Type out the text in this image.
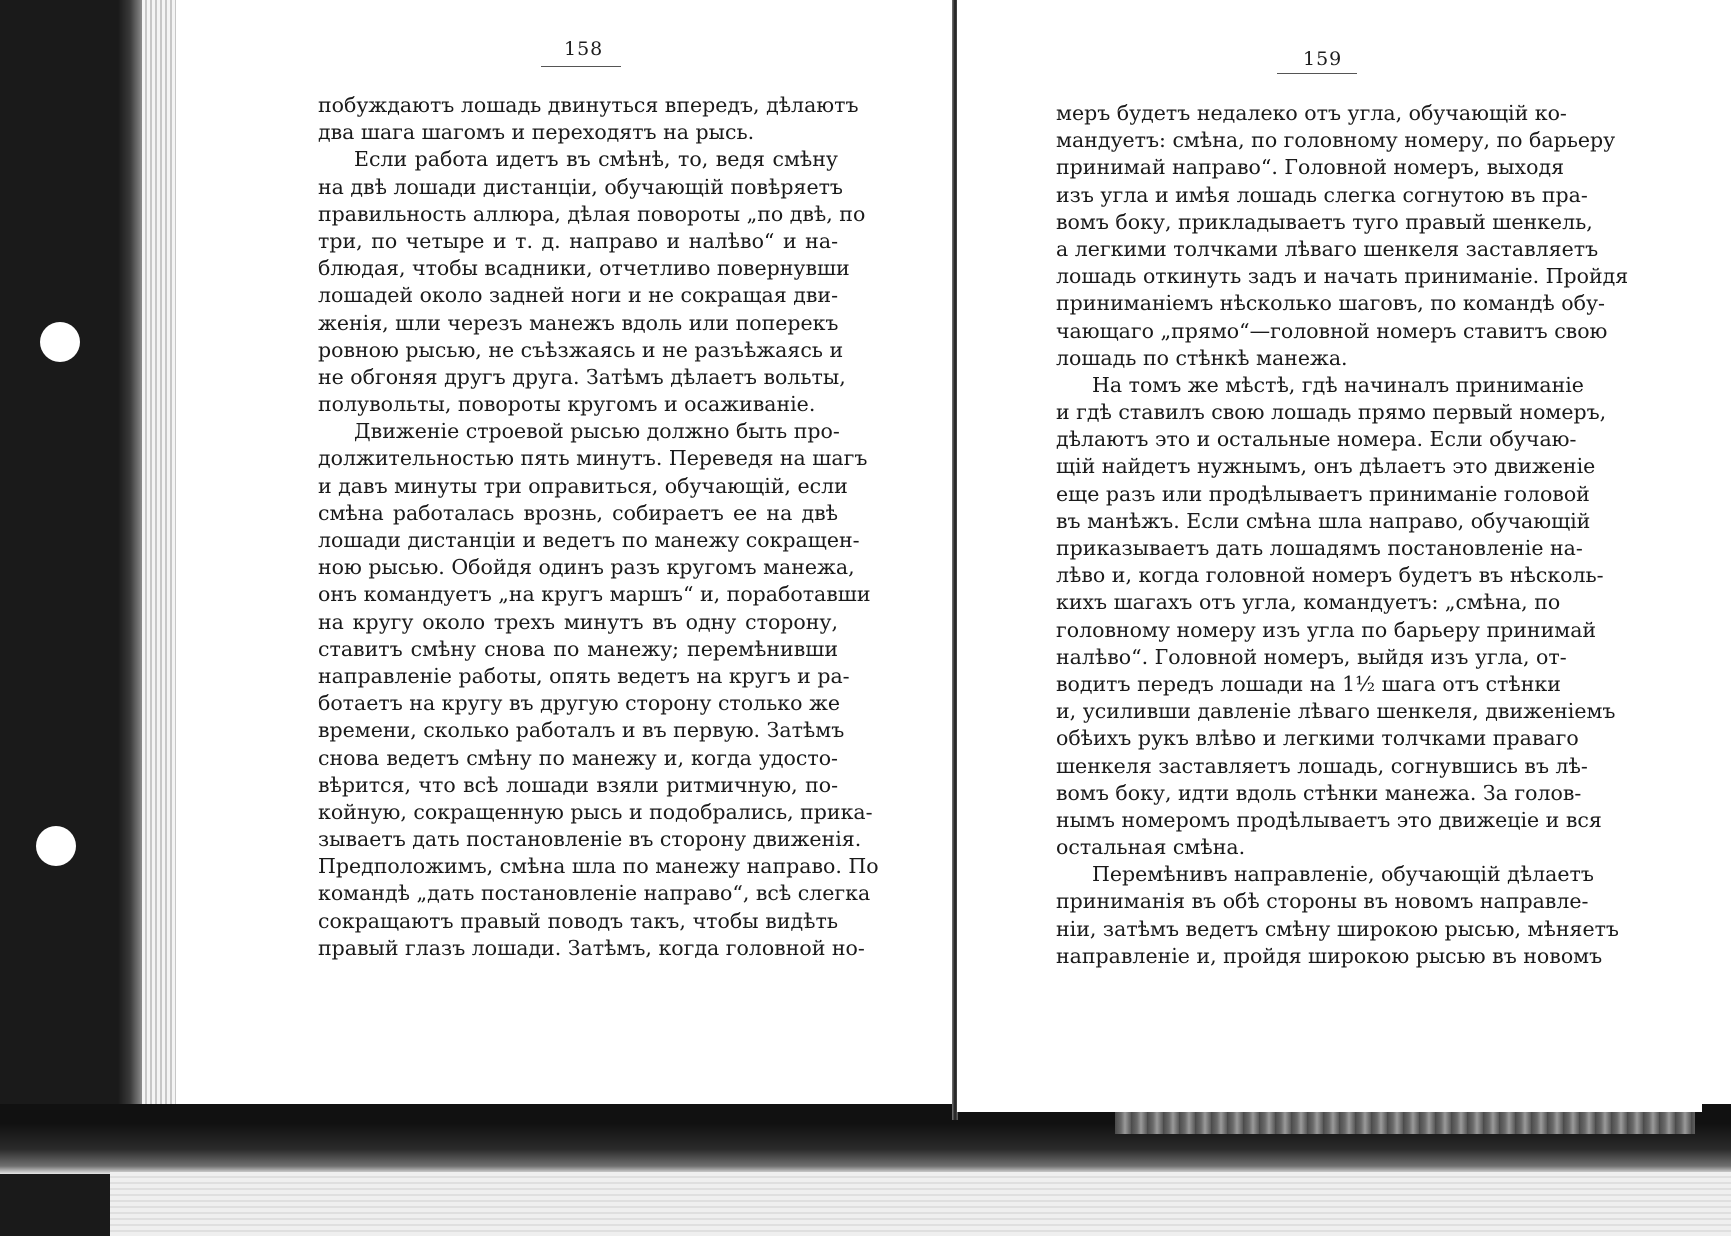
158
побуждаютъ лошадь двинуться впередъ, дѣлаютъ
два шага шагомъ и переходятъ на рысь.
Если работа идетъ въ смѣнѣ, то, ведя смѣну
на двѣ лошади дистанціи, обучающій повѣряетъ
правильность аллюра, дѣлая повороты „по двѣ, по
три, по четыре и т. д. направо и налѣво“ и на-
блюдая, чтобы всадники, отчетливо повернувши
лошадей около задней ноги и не сокращая дви-
женія, шли черезъ манежъ вдоль или поперекъ
ровною рысью, не съѣзжаясь и не разъѣжаясь и
не обгоняя другъ друга. Затѣмъ дѣлаетъ вольты,
полувольты, повороты кругомъ и осаживаніе.
Движеніе строевой рысью должно быть про-
должительностью пять минутъ. Переведя на шагъ
и давъ минуты три оправиться, обучающій, если
смѣна работалась врознь, собираетъ ее на двѣ
лошади дистанціи и ведетъ по манежу сокращен-
ною рысью. Обойдя одинъ разъ кругомъ манежа,
онъ командуетъ „на кругъ маршъ“ и, поработавши
на кругу около трехъ минутъ въ одну сторону,
ставитъ смѣну снова по манежу; перемѣнивши
направленіе работы, опять ведетъ на кругъ и ра-
ботаетъ на кругу въ другую сторону столько же
времени, сколько работалъ и въ первую. Затѣмъ
снова ведетъ смѣну по манежу и, когда удосто-
вѣрится, что всѣ лошади взяли ритмичную, по-
койную, сокращенную рысь и подобрались, прика-
зываетъ дать постановленіе въ сторону движенія.
Предположимъ, смѣна шла по манежу направо. По
командѣ „дать постановленіе направо“, всѣ слегка
сокращаютъ правый поводъ такъ, чтобы видѣть
правый глазъ лошади. Затѣмъ, когда головной но-
159
меръ будетъ недалеко отъ угла, обучающій ко-
мандуетъ: смѣна, по головному номеру, по барьеру
принимай направо“. Головной номеръ, выходя
изъ угла и имѣя лошадь слегка согнутою въ пра-
вомъ боку, прикладываетъ туго правый шенкель,
а легкими толчками лѣваго шенкеля заставляетъ
лошадь откинуть задъ и начать приниманіе. Пройдя
приниманіемъ нѣсколько шаговъ, по командѣ обу-
чающаго „прямо“—головной номеръ ставитъ свою
лошадь по стѣнкѣ манежа.
На томъ же мѣстѣ, гдѣ начиналъ приниманіе
и гдѣ ставилъ свою лошадь прямо первый номеръ,
дѣлаютъ это и остальные номера. Если обучаю-
щій найдетъ нужнымъ, онъ дѣлаетъ это движеніе
еще разъ или продѣлываетъ приниманіе головой
въ манѣжъ. Если смѣна шла направо, обучающій
приказываетъ дать лошадямъ постановленіе на-
лѣво и, когда головной номеръ будетъ въ нѣсколь-
кихъ шагахъ отъ угла, командуетъ: „смѣна, по
головному номеру изъ угла по барьеру принимай
налѣво“. Головной номеръ, выйдя изъ угла, от-
водитъ передъ лошади на 1½ шага отъ стѣнки
и, усиливши давленіе лѣваго шенкеля, движеніемъ
обѣихъ рукъ влѣво и легкими толчками праваго
шенкеля заставляетъ лошадь, согнувшись въ лѣ-
вомъ боку, идти вдоль стѣнки манежа. За голов-
нымъ номеромъ продѣлываетъ это движеціе и вся
остальная смѣна.
Перемѣнивъ направленіе, обучающій дѣлаетъ
приниманія въ обѣ стороны въ новомъ направле-
ніи, затѣмъ ведетъ смѣну широкою рысью, мѣняетъ
направленіе и, пройдя широкою рысью въ новомъ
